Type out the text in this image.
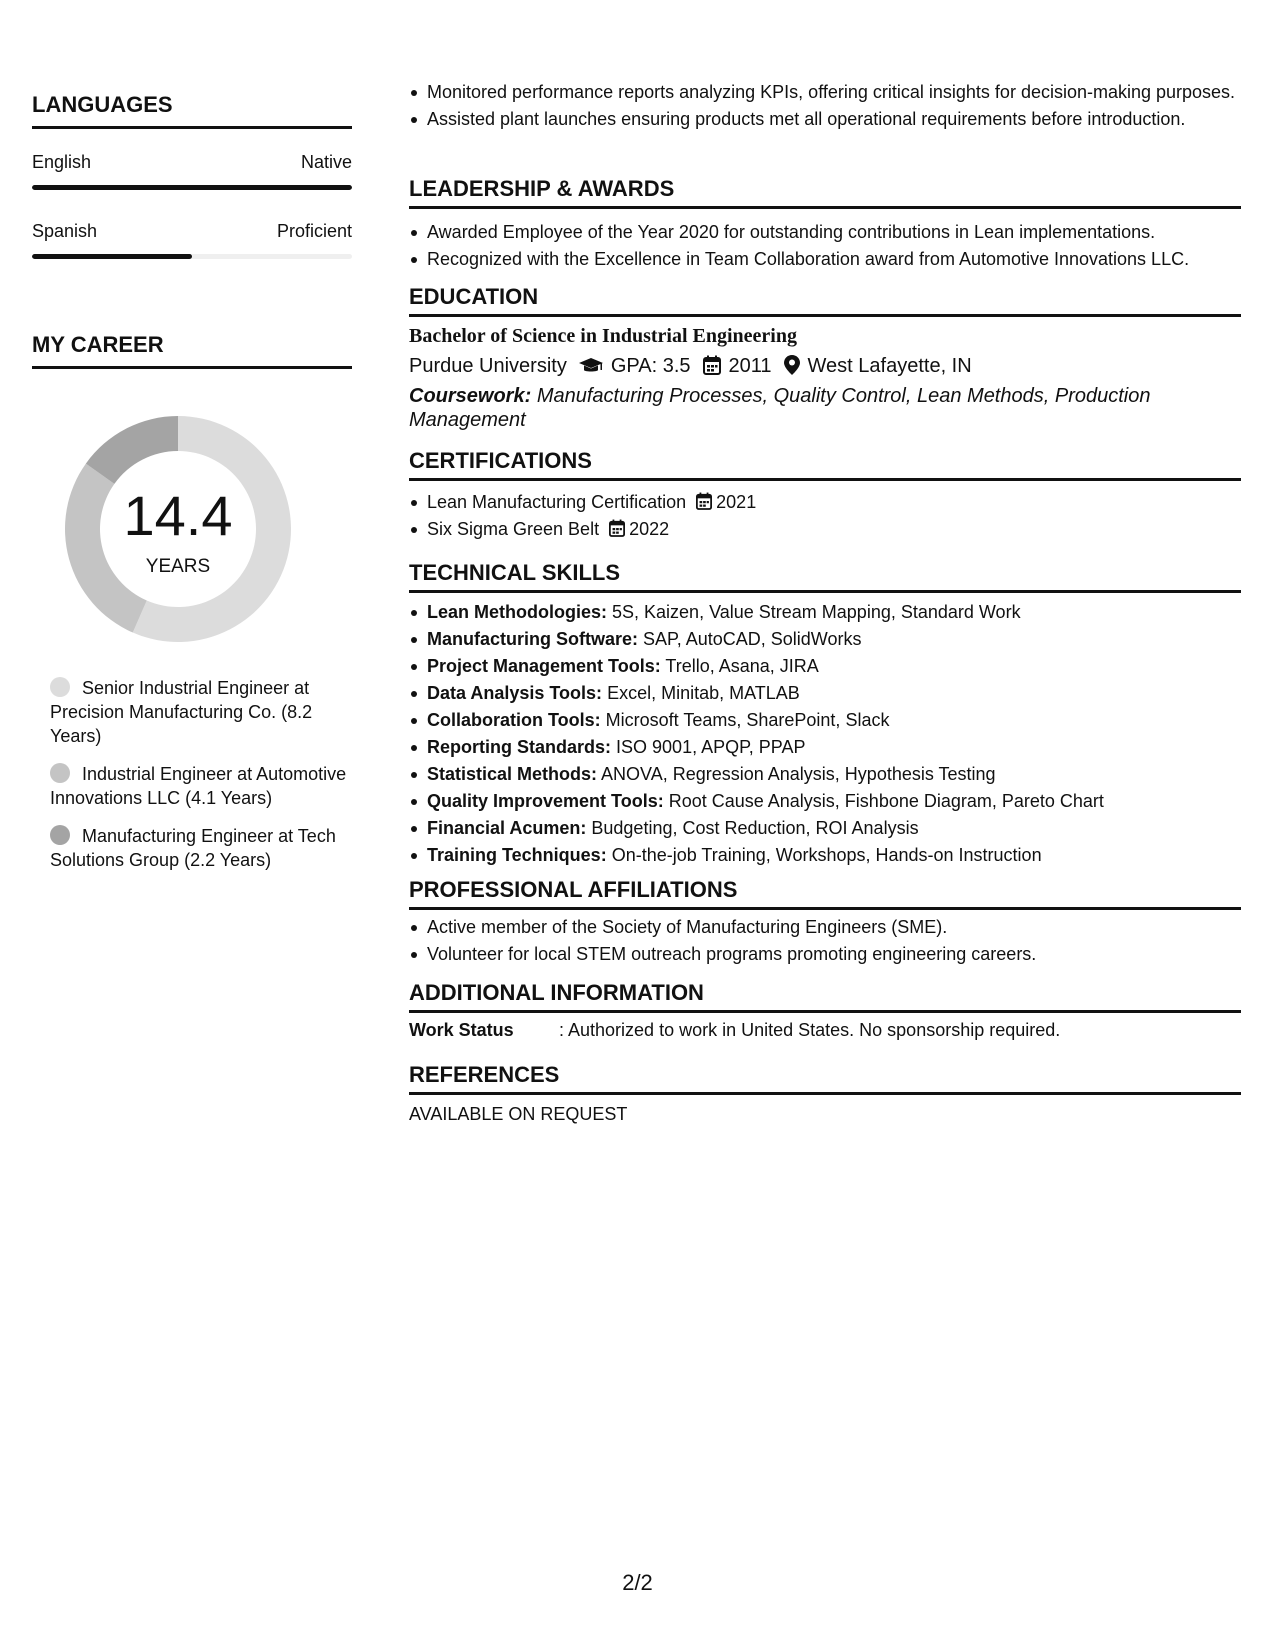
LANGUAGES
English	Native
Spanish	Proficient
MY CAREER
14.4
YEARS
Senior Industrial Engineer at Precision Manufacturing Co. (8.2 Years)
Industrial Engineer at Automotive Innovations LLC (4.1 Years)
Manufacturing Engineer at Tech Solutions Group (2.2 Years)
Monitored performance reports analyzing KPIs, offering critical insights for decision-making purposes.
Assisted plant launches ensuring products met all operational requirements before introduction.
LEADERSHIP & AWARDS
Awarded Employee of the Year 2020 for outstanding contributions in Lean implementations.
Recognized with the Excellence in Team Collaboration award from Automotive Innovations LLC.
EDUCATION
Bachelor of Science in Industrial Engineering
Purdue University GPA: 3.5 2011 West Lafayette, IN
Coursework: Manufacturing Processes, Quality Control, Lean Methods, Production Management
CERTIFICATIONS
Lean Manufacturing Certification 2021
Six Sigma Green Belt 2022
TECHNICAL SKILLS
Lean Methodologies: 5S, Kaizen, Value Stream Mapping, Standard Work
Manufacturing Software: SAP, AutoCAD, SolidWorks
Project Management Tools: Trello, Asana, JIRA
Data Analysis Tools: Excel, Minitab, MATLAB
Collaboration Tools: Microsoft Teams, SharePoint, Slack
Reporting Standards: ISO 9001, APQP, PPAP
Statistical Methods: ANOVA, Regression Analysis, Hypothesis Testing
Quality Improvement Tools: Root Cause Analysis, Fishbone Diagram, Pareto Chart
Financial Acumen: Budgeting, Cost Reduction, ROI Analysis
Training Techniques: On-the-job Training, Workshops, Hands-on Instruction
PROFESSIONAL AFFILIATIONS
Active member of the Society of Manufacturing Engineers (SME).
Volunteer for local STEM outreach programs promoting engineering careers.
ADDITIONAL INFORMATION
Work Status	: Authorized to work in United States. No sponsorship required.
REFERENCES
AVAILABLE ON REQUEST
2/2
